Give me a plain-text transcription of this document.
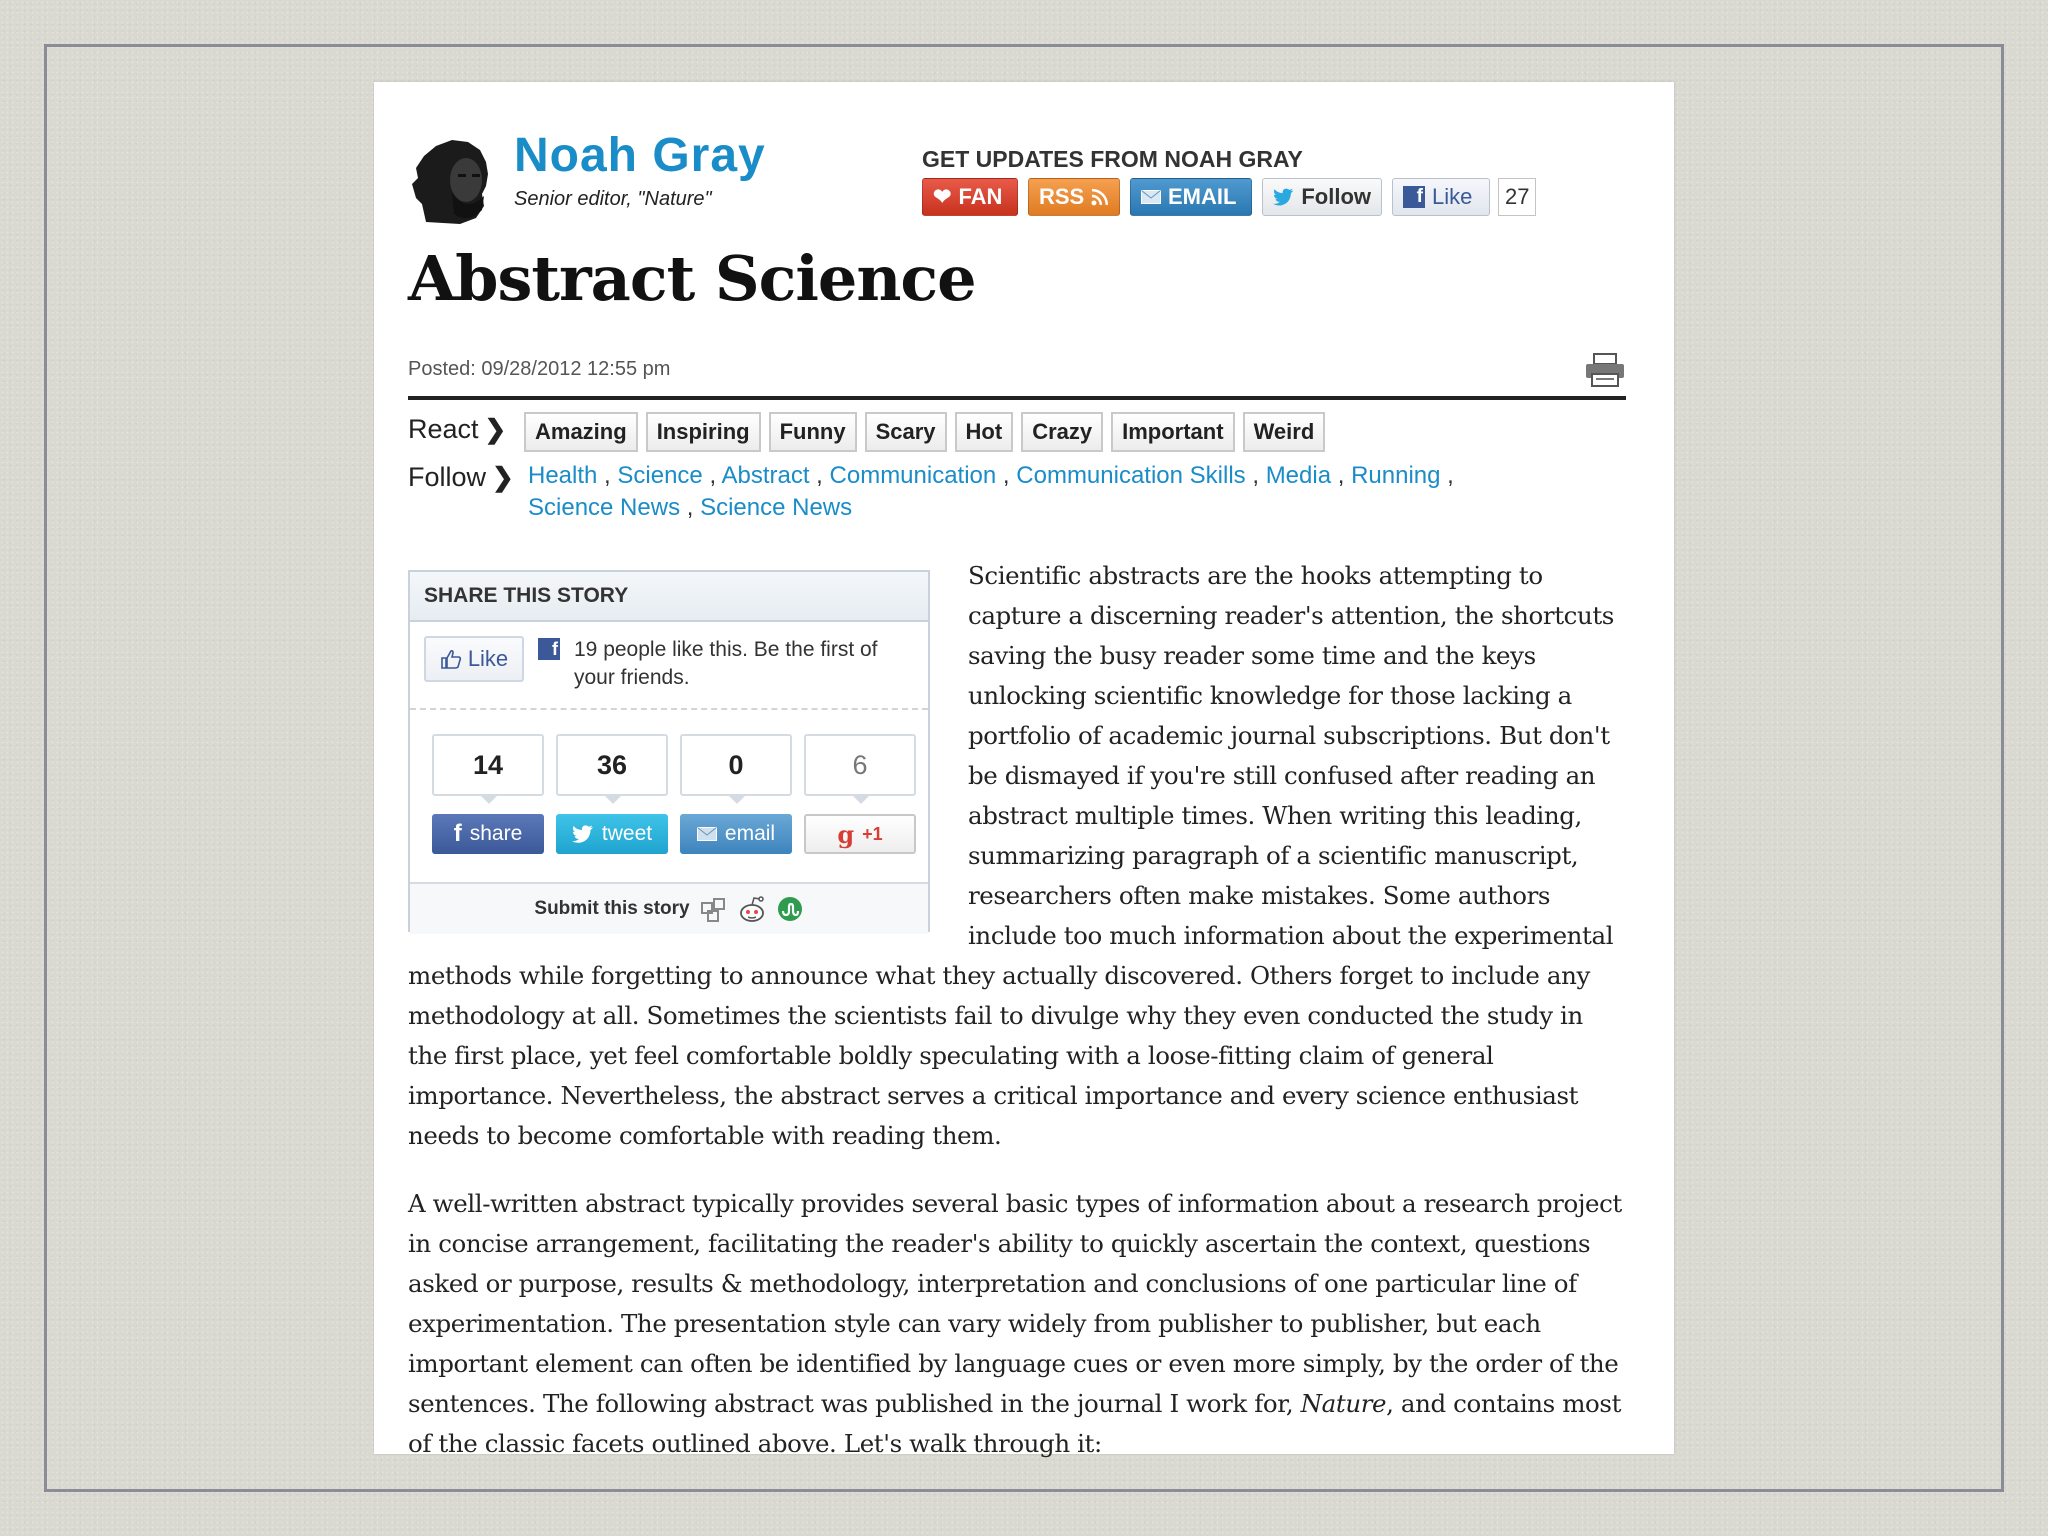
Noah Gray
Senior editor, "Nature"
GET UPDATES FROM NOAH GRAY
❤ FAN RSS	EMAIL	Follow	f Like	27
Abstract Science
Posted: 09/28/2012 12:55 pm
React ❯	Amazing	Inspiring	Funny	Scary	Hot	Crazy	Important	Weird
Follow ❯ Health , Science , Abstract , Communication , Communication Skills , Media , Running ,
Science News , Science News

Scientific abstracts are the hooks attempting to capture a discerning reader's attention, the shortcuts saving the busy reader some time and the keys unlocking scientific knowledge for those lacking a portfolio of academic journal subscriptions. But don't be dismayed if you're still confused after reading an abstract multiple times. When writing this leading, summarizing paragraph of a scientific manuscript, researchers often make mistakes. Some authors include too much information about the experimental methods while forgetting to announce what they actually discovered. Others forget to include any methodology at all. Sometimes the scientists fail to divulge why they even conducted the study in the first place, yet feel comfortable boldly speculating with a loose-fitting claim of general importance. Nevertheless, the abstract serves a critical importance and every science enthusiast needs to become comfortable with reading them.

A well-written abstract typically provides several basic types of information about a research project in concise arrangement, facilitating the reader's ability to quickly ascertain the context, questions asked or purpose, results & methodology, interpretation and conclusions of one particular line of experimentation. The presentation style can vary widely from publisher to publisher, but each important element can often be identified by language cues or even more simply, by the order of the sentences. The following abstract was published in the journal I work for, Nature, and contains most of the classic facets outlined above. Let's walk through it:

SHARE THIS STORY
Like	f 19 people like this. Be the first of your friends.
14	36	0	6
f share	tweet	email	g +1
Submit this story
